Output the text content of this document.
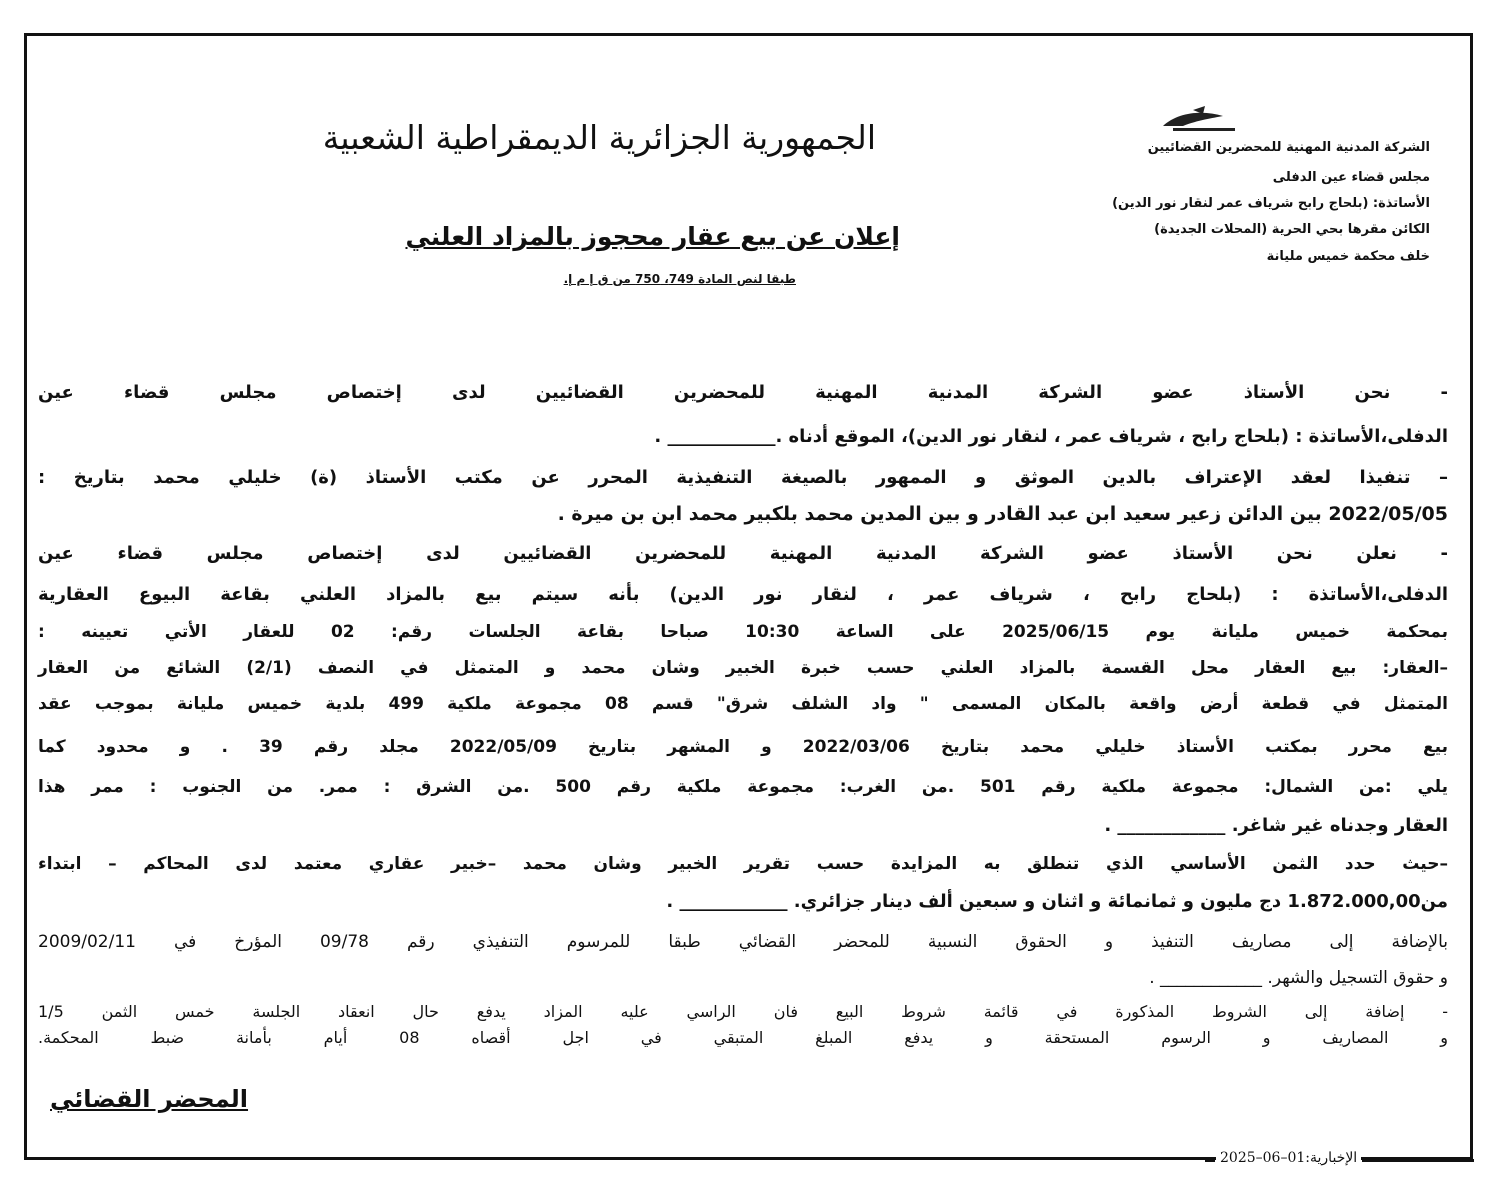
الجمهورية الجزائرية الديمقراطية الشعبية	الشركة المدنية المهنية للمحضرين القضائيين
مجلس قضاء عين الدفلى
الأساتذة: (بلحاج رابح شرياف عمر لنقار نور الدين)
الكائن مقرها بحي الحرية (المحلات الجديدة)
خلف محكمة خميس مليانة
إعلان عن بيع عقار محجوز بالمزاد العلني
طبقا لنص المادة 749، 750 من ق إ م إ.
- نحن الأستاذ عضو الشركة المدنية المهنية للمحضرين القضائيين لدى إختصاص مجلس قضاء عين
الدفلى،الأساتذة : (بلحاج رابح ، شرياف عمر ، لنقار نور الدين)، الموقع أدناه .____________ .
– تنفيذا لعقد الإعتراف بالدين الموثق و الممهور بالصيغة التنفيذية المحرر عن مكتب الأستاذ (ة) خليلي محمد بتاريخ :
2022/05/05 بين الدائن زعير سعيد ابن عبد القادر و بين المدين محمد بلكبير محمد ابن بن ميرة .
- نعلن نحن الأستاذ عضو الشركة المدنية المهنية للمحضرين القضائيين لدى إختصاص مجلس قضاء عين
الدفلى،الأساتذة : (بلحاج رابح ، شرياف عمر ، لنقار نور الدين) بأنه سيتم بيع بالمزاد العلني بقاعة البيوع العقارية
بمحكمة خميس مليانة يوم 2025/06/15 على الساعة 10:30 صباحا بقاعة الجلسات رقم: 02 للعقار الأتي تعيينه :
–العقار: بيع العقار محل القسمة بالمزاد العلني حسب خبرة الخبير وشان محمد و المتمثل في النصف (2/1) الشائع من العقار
المتمثل في قطعة أرض واقعة بالمكان المسمى " واد الشلف شرق" قسم 08 مجموعة ملكية 499 بلدية خميس مليانة بموجب عقد
بيع محرر بمكتب الأستاذ خليلي محمد بتاريخ 2022/03/06 و المشهر بتاريخ 2022/05/09 مجلد رقم 39 . و محدود كما
يلي :من الشمال: مجموعة ملكية رقم 501 .من الغرب: مجموعة ملكية رقم 500 .من الشرق : ممر. من الجنوب : ممر هذا
العقار وجدناه غير شاغر. ____________ .
–حيث حدد الثمن الأساسي الذي تنطلق به المزايدة حسب تقرير الخبير وشان محمد –خبير عقاري معتمد لدى المحاكم – ابتداء
من1.872.000,00 دج مليون و ثمانمائة و اثنان و سبعين ألف دينار جزائري. ____________ .
بالإضافة إلى مصاريف التنفيذ و الحقوق النسبية للمحضر القضائي طبقا للمرسوم التنفيذي رقم 09/78 المؤرخ في 2009/02/11
و حقوق التسجيل والشهر. ____________ .
- إضافة إلى الشروط المذكورة في قائمة شروط البيع فان الراسي عليه المزاد يدفع حال انعقاد الجلسة خمس الثمن 1/5
و المصاريف و الرسوم المستحقة و يدفع المبلغ المتبقي في اجل أقصاه 08 أيام بأمانة ضبط المحكمة.
المحضر القضائي
الإخبارية:01–06–2025
